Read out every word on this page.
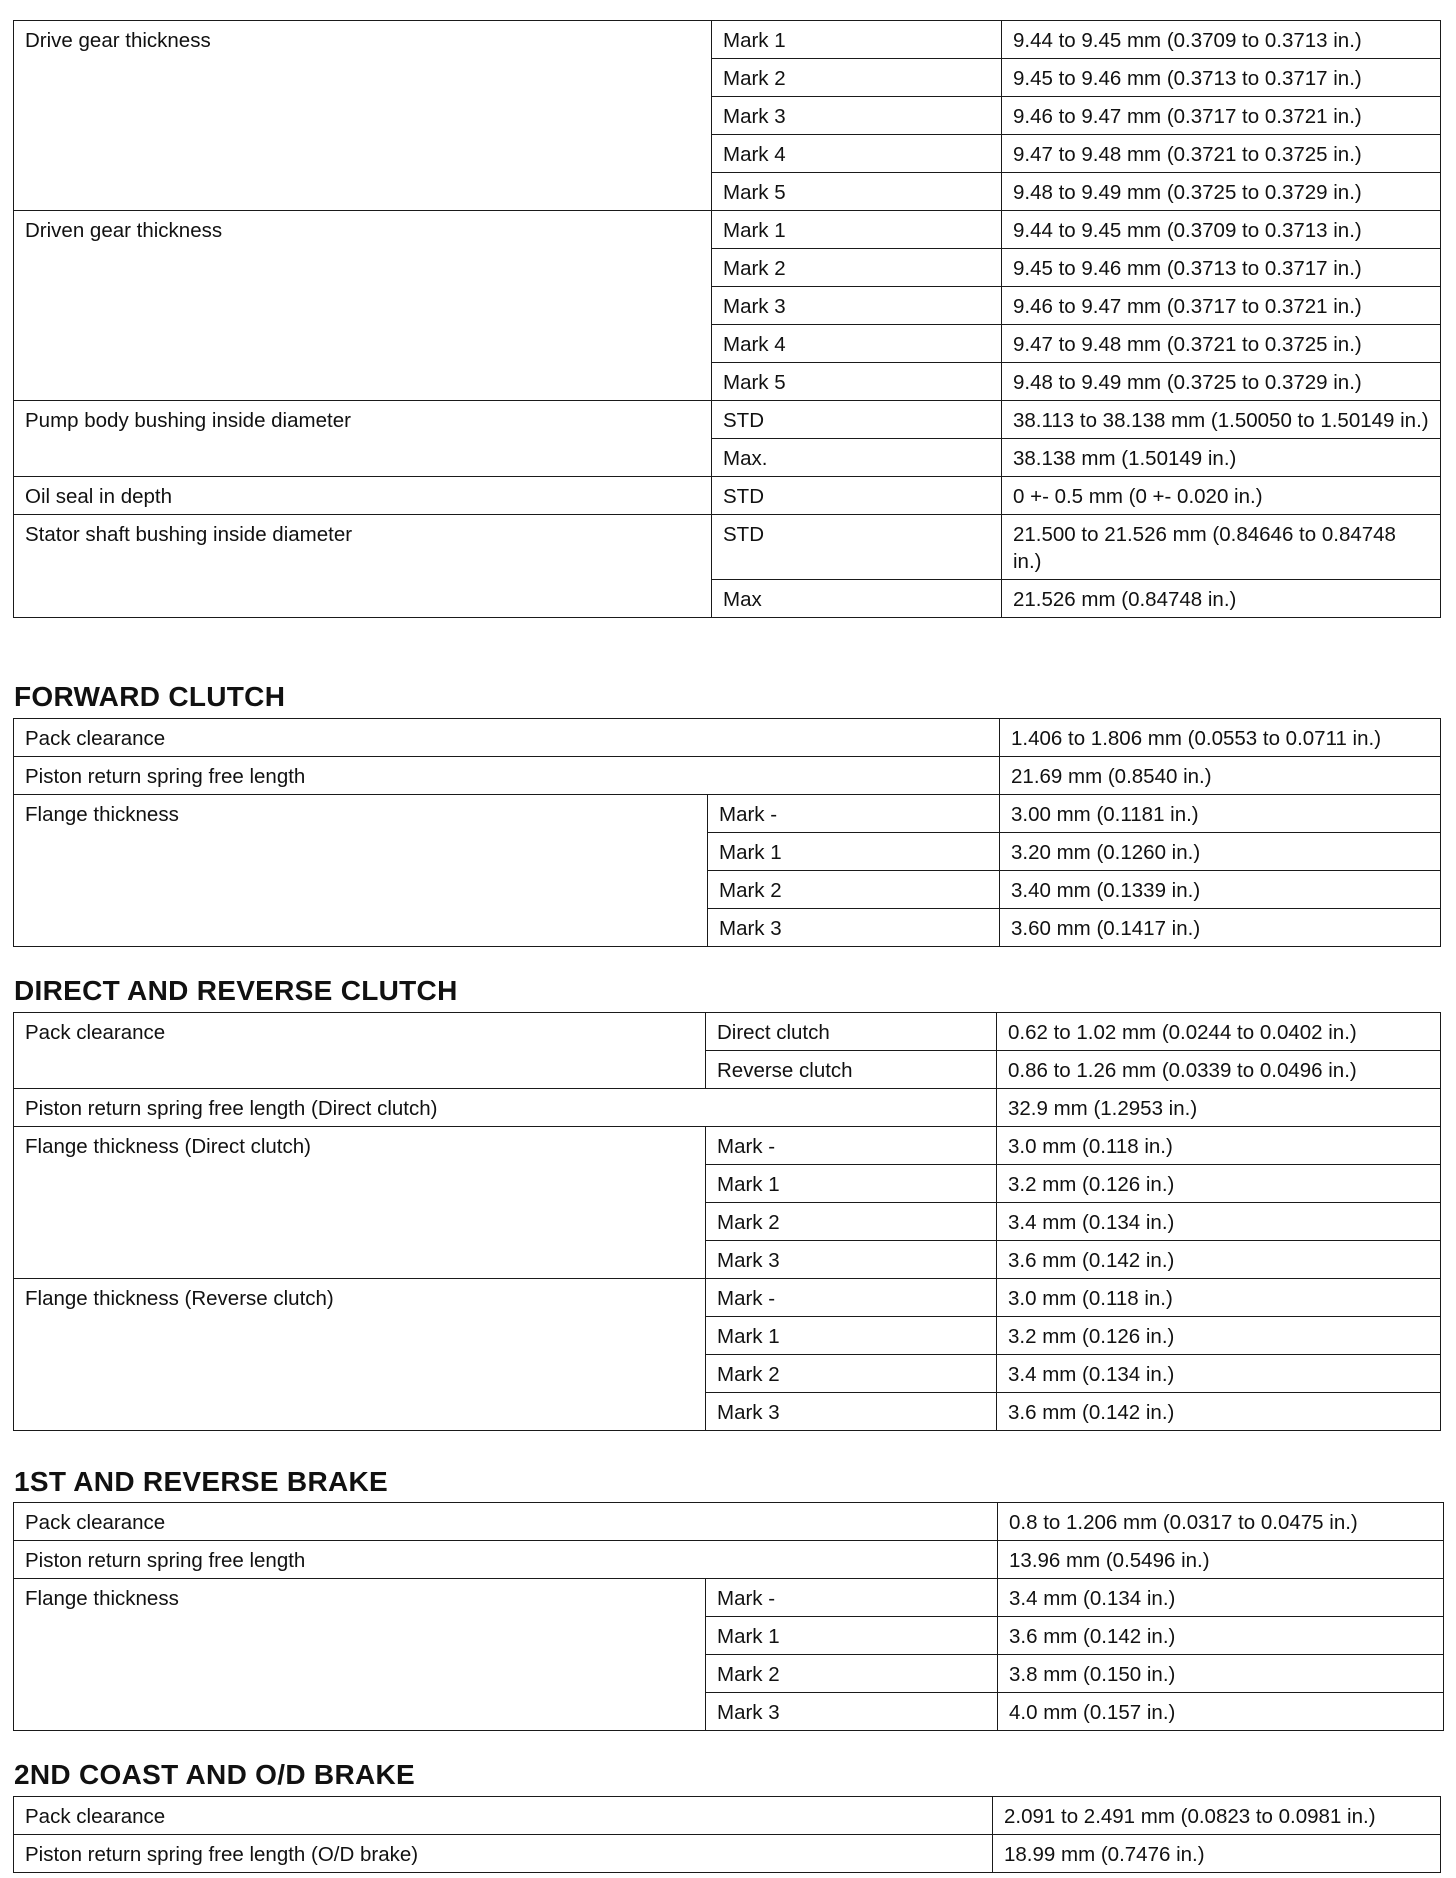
Drive gear thickness	Mark 1	9.44 to 9.45 mm (0.3709 to 0.3713 in.)
	Mark 2	9.45 to 9.46 mm (0.3713 to 0.3717 in.)
	Mark 3	9.46 to 9.47 mm (0.3717 to 0.3721 in.)
	Mark 4	9.47 to 9.48 mm (0.3721 to 0.3725 in.)
	Mark 5	9.48 to 9.49 mm (0.3725 to 0.3729 in.)
Driven gear thickness	Mark 1	9.44 to 9.45 mm (0.3709 to 0.3713 in.)
	Mark 2	9.45 to 9.46 mm (0.3713 to 0.3717 in.)
	Mark 3	9.46 to 9.47 mm (0.3717 to 0.3721 in.)
	Mark 4	9.47 to 9.48 mm (0.3721 to 0.3725 in.)
	Mark 5	9.48 to 9.49 mm (0.3725 to 0.3729 in.)
Pump body bushing inside diameter	STD	38.113 to 38.138 mm (1.50050 to 1.50149 in.)
	Max.	38.138 mm (1.50149 in.)
Oil seal in depth	STD	0 +- 0.5 mm (0 +- 0.020 in.)
Stator shaft bushing inside diameter	STD	21.500 to 21.526 mm (0.84646 to 0.84748 in.)
	Max	21.526 mm (0.84748 in.)
FORWARD CLUTCH
Pack clearance		1.406 to 1.806 mm (0.0553 to 0.0711 in.)
Piston return spring free length		21.69 mm (0.8540 in.)
Flange thickness	Mark -	3.00 mm (0.1181 in.)
	Mark 1	3.20 mm (0.1260 in.)
	Mark 2	3.40 mm (0.1339 in.)
	Mark 3	3.60 mm (0.1417 in.)
DIRECT AND REVERSE CLUTCH
Pack clearance	Direct clutch	0.62 to 1.02 mm (0.0244 to 0.0402 in.)
	Reverse clutch	0.86 to 1.26 mm (0.0339 to 0.0496 in.)
Piston return spring free length (Direct clutch)		32.9 mm (1.2953 in.)
Flange thickness (Direct clutch)	Mark -	3.0 mm (0.118 in.)
	Mark 1	3.2 mm (0.126 in.)
	Mark 2	3.4 mm (0.134 in.)
	Mark 3	3.6 mm (0.142 in.)
Flange thickness (Reverse clutch)	Mark -	3.0 mm (0.118 in.)
	Mark 1	3.2 mm (0.126 in.)
	Mark 2	3.4 mm (0.134 in.)
	Mark 3	3.6 mm (0.142 in.)
1ST AND REVERSE BRAKE
Pack clearance		0.8 to 1.206 mm (0.0317 to 0.0475 in.)
Piston return spring free length		13.96 mm (0.5496 in.)
Flange thickness	Mark -	3.4 mm (0.134 in.)
	Mark 1	3.6 mm (0.142 in.)
	Mark 2	3.8 mm (0.150 in.)
	Mark 3	4.0 mm (0.157 in.)
2ND COAST AND O/D BRAKE
Pack clearance	2.091 to 2.491 mm (0.0823 to 0.0981 in.)
Piston return spring free length (O/D brake)	18.99 mm (0.7476 in.)
